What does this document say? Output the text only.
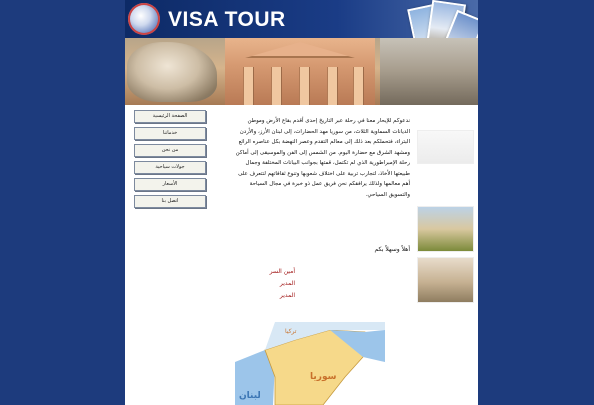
VISA TOUR
الصفحة الرئيسية
خدماتنا
من نحن
جولات سياحية
الأسعار
اتصل بنا
ندعوكم للإبحار معنا في رحلة عبر التاريخ إحدى أقدم بقاع الأرض وموطن الديانات السماوية الثلاث، من سوريا مهد الحضارات، إلى لبنان الأرز، والأردن البتراء، فتحملكم بعد ذلك إلى معالم التقدم وعصر النهضة بكل عناصره الرائع ومشهد الشرق مع حضارة اليوم. من الشمس إلى الفن والموسيقى إلى أماكن رحلة الإمبراطورية الذي لم تكتمل، قمتها بجوانب البيانات المختلفة وجمال طبيعتها الأخاذ، لتجارب تربية على اختلاف شعوبها وتنوع ثقافاتهم لتتعرف على أهم معالمها ولذلك يرافقكم نحن فريق عمل ذو خبرة في مجال السياحة والتسويق السياحي.
أهلاً وسهلاً بكم
أمين السر
المدير
المدير
سوريا
لبنان
تركيا
